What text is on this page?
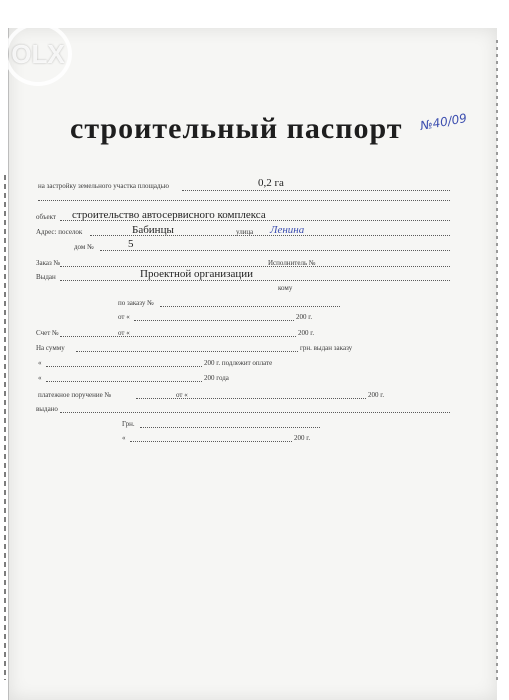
OLX
строительный паспорт №40/09
на застройку земельного участка площадью	0,2 га
объект строительство автосервисного комплекса
Адрес: поселок	Бабинцы	улица Ленина
дом №	5
Заказ №	Исполнитель №
Выдан	Проектной организации
кому
по заказу №
от «	200 г.
Счет №	от «	200 г.
На сумму	грн. выдан заказу
«	200 г. подлежит оплате
«	200 года
платежное поручение №	от «	200 г.
выдано
Грн.
«	200 г.
